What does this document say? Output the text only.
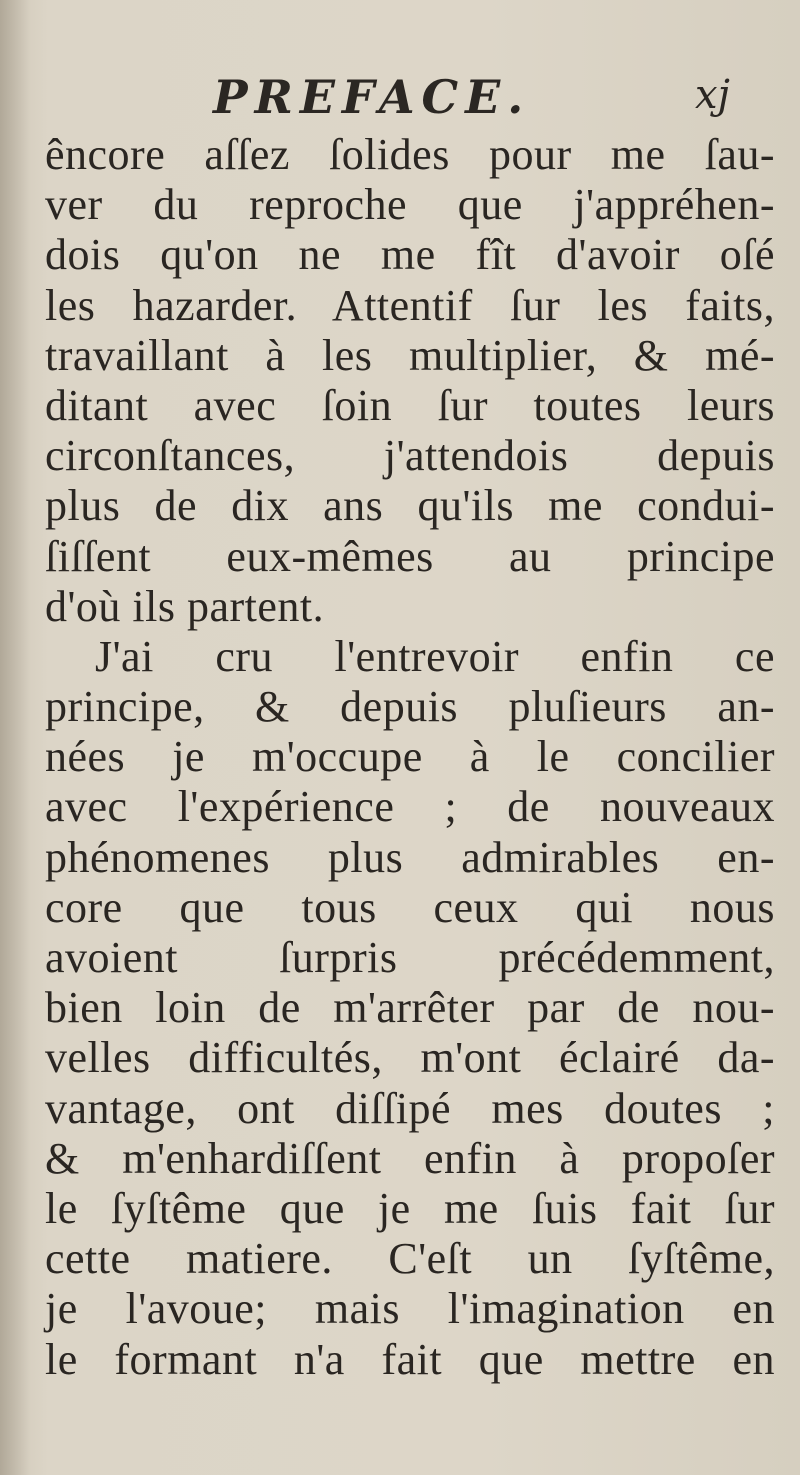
PREFACE.	xj
êncore aſſez ſolides pour me ſau-
ver du reproche que j'appréhen-
dois qu'on ne me fît d'avoir oſé
les hazarder. Attentif ſur les faits,
travaillant à les multiplier, & mé-
ditant avec ſoin ſur toutes leurs
circonſtances, j'attendois depuis
plus de dix ans qu'ils me condui-
ſiſſent eux-mêmes au principe
d'où ils partent.
J'ai cru l'entrevoir enfin ce
principe, & depuis pluſieurs an-
nées je m'occupe à le concilier
avec l'expérience ; de nouveaux
phénomenes plus admirables en-
core que tous ceux qui nous
avoient ſurpris précédemment,
bien loin de m'arrêter par de nou-
velles difficultés, m'ont éclairé da-
vantage, ont diſſipé mes doutes ;
& m'enhardiſſent enfin à propoſer
le ſyſtême que je me ſuis fait ſur
cette matiere. C'eſt un ſyſtême,
je l'avoue; mais l'imagination en
le formant n'a fait que mettre en
